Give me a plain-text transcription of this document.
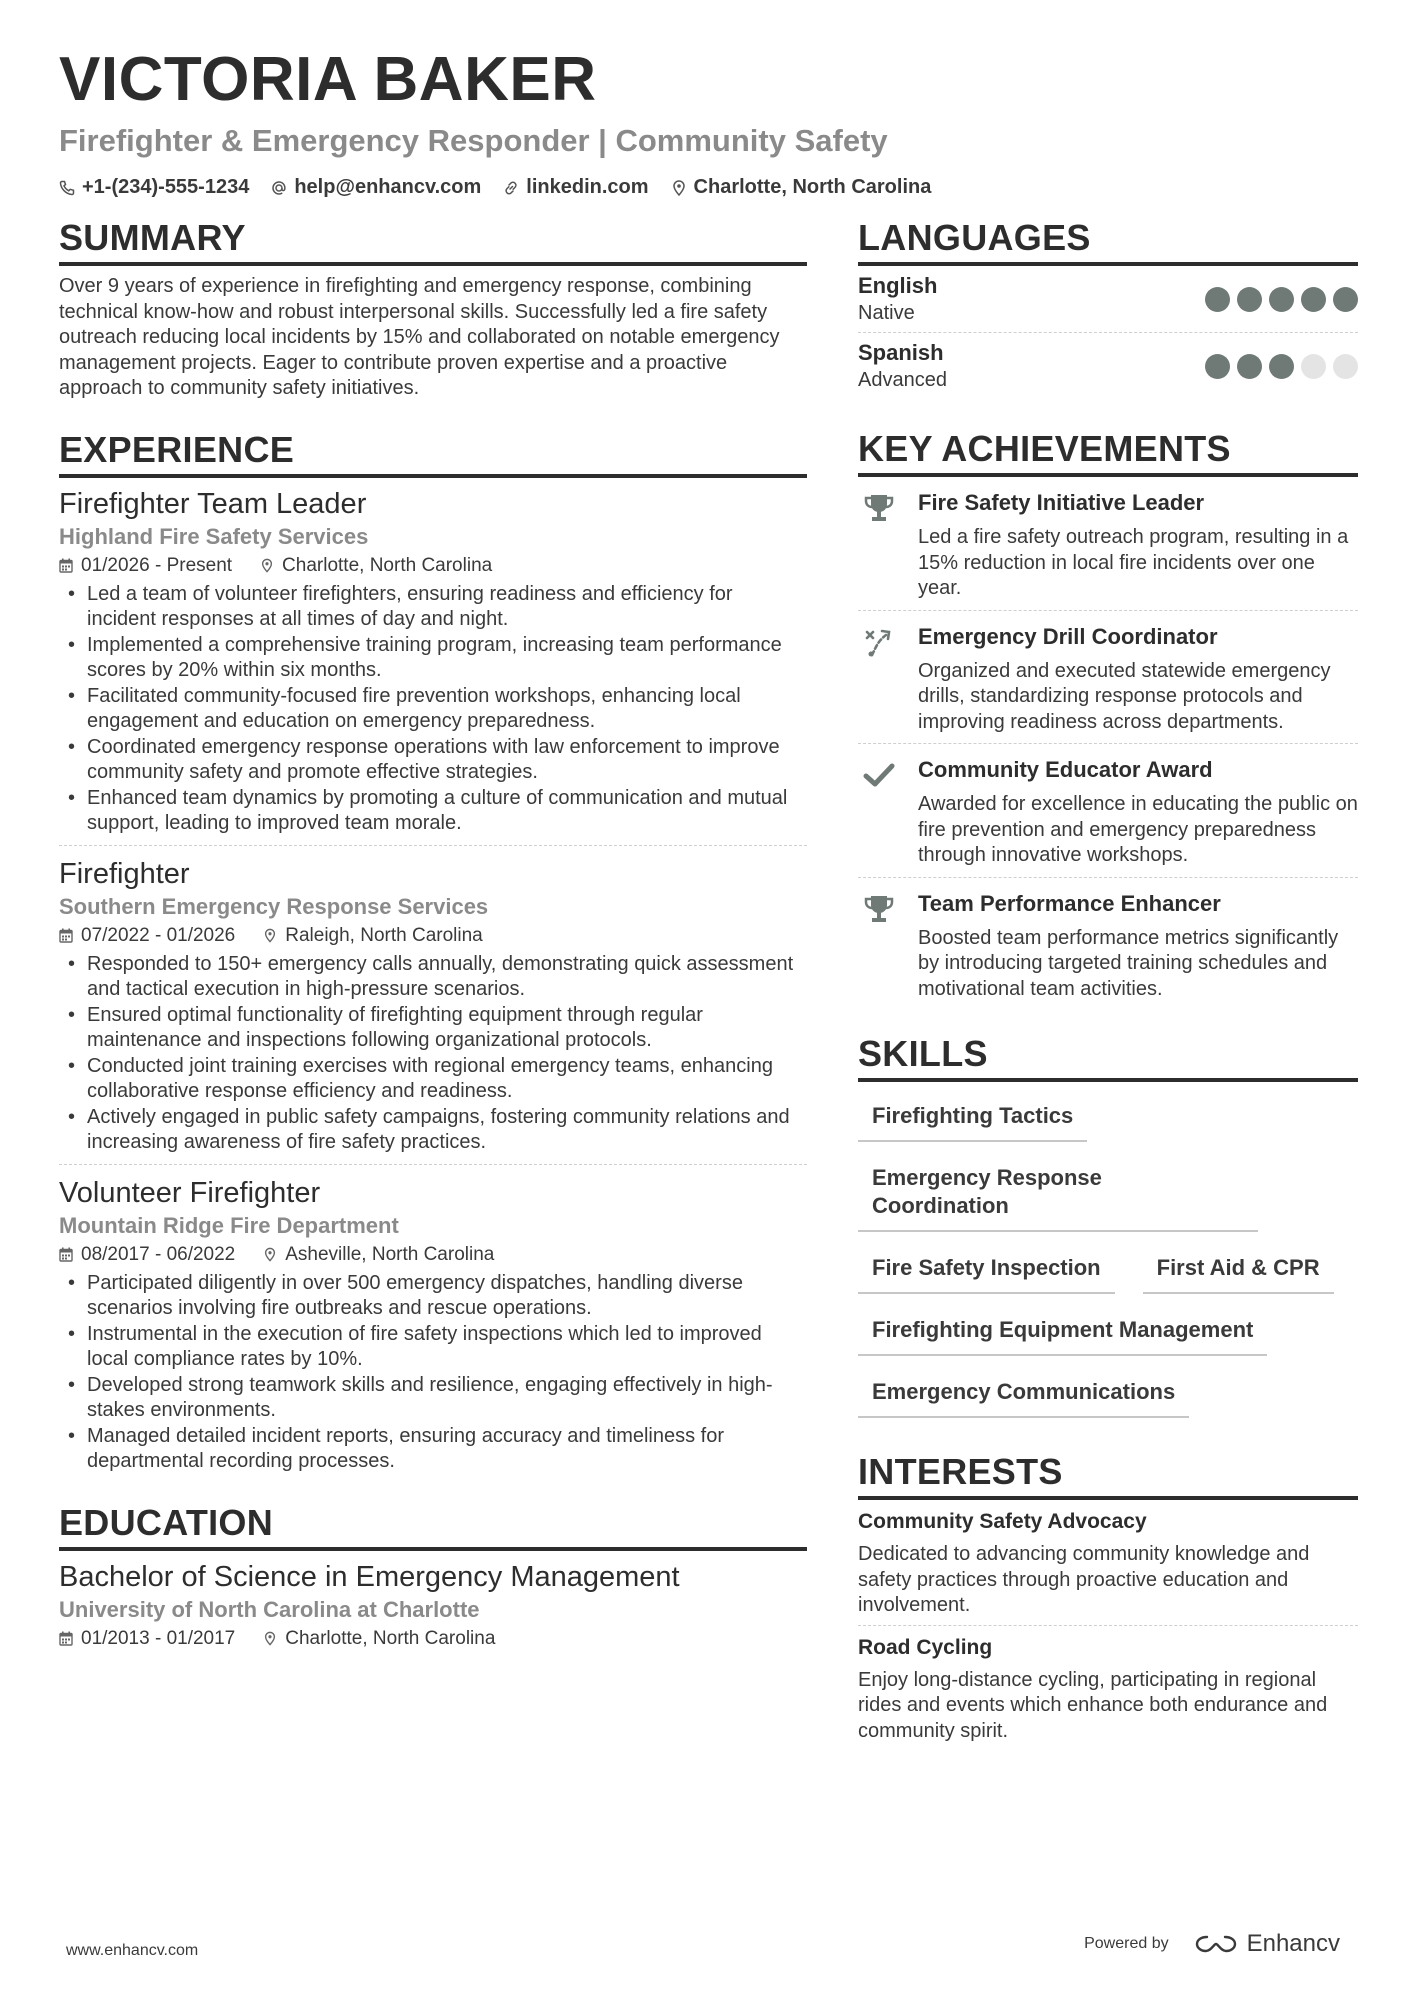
VICTORIA BAKER
Firefighter & Emergency Responder | Community Safety
+1-(234)-555-1234 help@enhancv.com linkedin.com Charlotte, North Carolina
SUMMARY
Over 9 years of experience in firefighting and emergency response, combining technical know-how and robust interpersonal skills. Successfully led a fire safety outreach reducing local incidents by 15% and collaborated on notable emergency management projects. Eager to contribute proven expertise and a proactive approach to community safety initiatives.
EXPERIENCE
Firefighter Team Leader
Highland Fire Safety Services
01/2026 - Present	Charlotte, North Carolina
• Led a team of volunteer firefighters, ensuring readiness and efficiency for incident responses at all times of day and night.
• Implemented a comprehensive training program, increasing team performance scores by 20% within six months.
• Facilitated community-focused fire prevention workshops, enhancing local engagement and education on emergency preparedness.
• Coordinated emergency response operations with law enforcement to improve community safety and promote effective strategies.
• Enhanced team dynamics by promoting a culture of communication and mutual support, leading to improved team morale.
Firefighter
Southern Emergency Response Services
07/2022 - 01/2026	Raleigh, North Carolina
• Responded to 150+ emergency calls annually, demonstrating quick assessment and tactical execution in high-pressure scenarios.
• Ensured optimal functionality of firefighting equipment through regular maintenance and inspections following organizational protocols.
• Conducted joint training exercises with regional emergency teams, enhancing collaborative response efficiency and readiness.
• Actively engaged in public safety campaigns, fostering community relations and increasing awareness of fire safety practices.
Volunteer Firefighter
Mountain Ridge Fire Department
08/2017 - 06/2022	Asheville, North Carolina
• Participated diligently in over 500 emergency dispatches, handling diverse scenarios involving fire outbreaks and rescue operations.
• Instrumental in the execution of fire safety inspections which led to improved local compliance rates by 10%.
• Developed strong teamwork skills and resilience, engaging effectively in high-stakes environments.
• Managed detailed incident reports, ensuring accuracy and timeliness for departmental recording processes.
EDUCATION
Bachelor of Science in Emergency Management
University of North Carolina at Charlotte
01/2013 - 01/2017	Charlotte, North Carolina
LANGUAGES
English
Native
Spanish
Advanced
KEY ACHIEVEMENTS
Fire Safety Initiative Leader
Led a fire safety outreach program, resulting in a 15% reduction in local fire incidents over one year.
Emergency Drill Coordinator
Organized and executed statewide emergency drills, standardizing response protocols and improving readiness across departments.
Community Educator Award
Awarded for excellence in educating the public on fire prevention and emergency preparedness through innovative workshops.
Team Performance Enhancer
Boosted team performance metrics significantly by introducing targeted training schedules and motivational team activities.
SKILLS
Firefighting Tactics
Emergency Response Coordination
Fire Safety Inspection	First Aid & CPR
Firefighting Equipment Management
Emergency Communications
INTERESTS
Community Safety Advocacy
Dedicated to advancing community knowledge and safety practices through proactive education and involvement.
Road Cycling
Enjoy long-distance cycling, participating in regional rides and events which enhance both endurance and community spirit.
www.enhancv.com	Powered by	Enhancv
